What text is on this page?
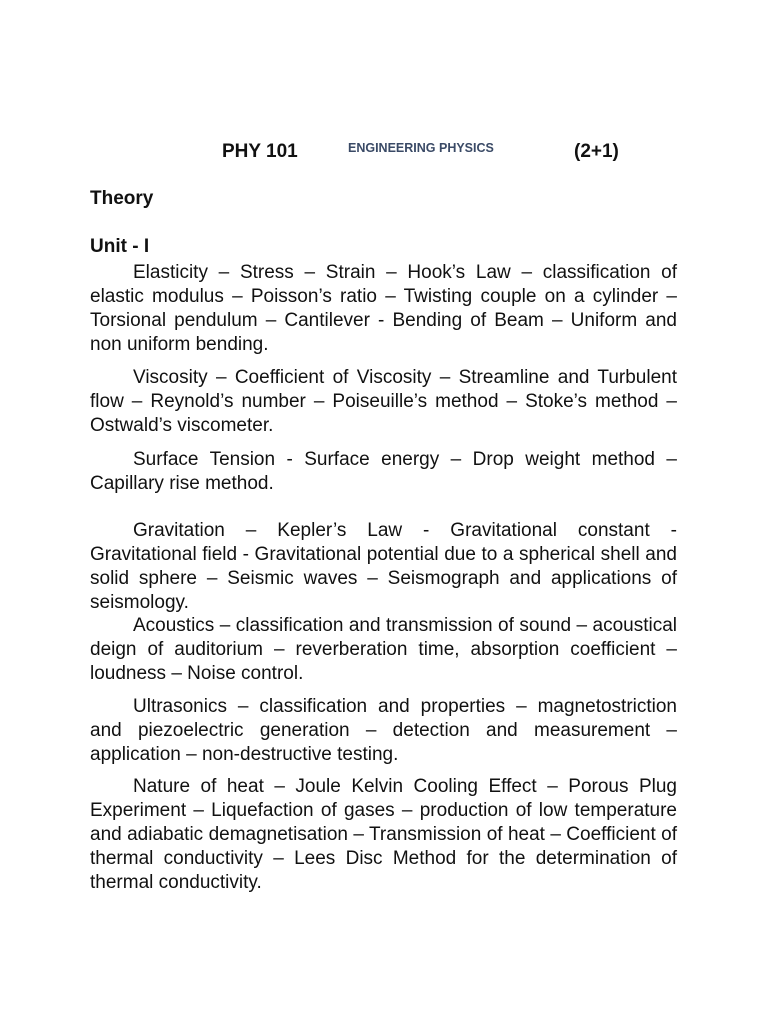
PHY 101	ENGINEERING PHYSICS	(2+1)
Theory
Unit - I

Elasticity – Stress – Strain – Hook’s Law – classification of elastic modulus – Poisson’s ratio – Twisting couple on a cylinder – Torsional pendulum – Cantilever - Bending of Beam – Uniform and non uniform bending.

Viscosity – Coefficient of Viscosity – Streamline and Turbulent flow – Reynold’s number – Poiseuille’s method – Stoke’s method – Ostwald’s viscometer.

Surface Tension - Surface energy – Drop weight method – Capillary rise method.

Gravitation – Kepler’s Law - Gravitational constant - Gravitational field - Gravitational potential due to a spherical shell and solid sphere – Seismic waves – Seismograph and applications of seismology.

Acoustics – classification and transmission of sound – acoustical deign of auditorium – reverberation time, absorption coefficient – loudness – Noise control.

Ultrasonics – classification and properties – magnetostriction and piezoelectric generation – detection and measurement – application – non-destructive testing.

Nature of heat – Joule Kelvin Cooling Effect – Porous Plug Experiment – Liquefaction of gases – production of low temperature and adiabatic demagnetisation – Transmission of heat – Coefficient of thermal conductivity – Lees Disc Method for the determination of thermal conductivity.
